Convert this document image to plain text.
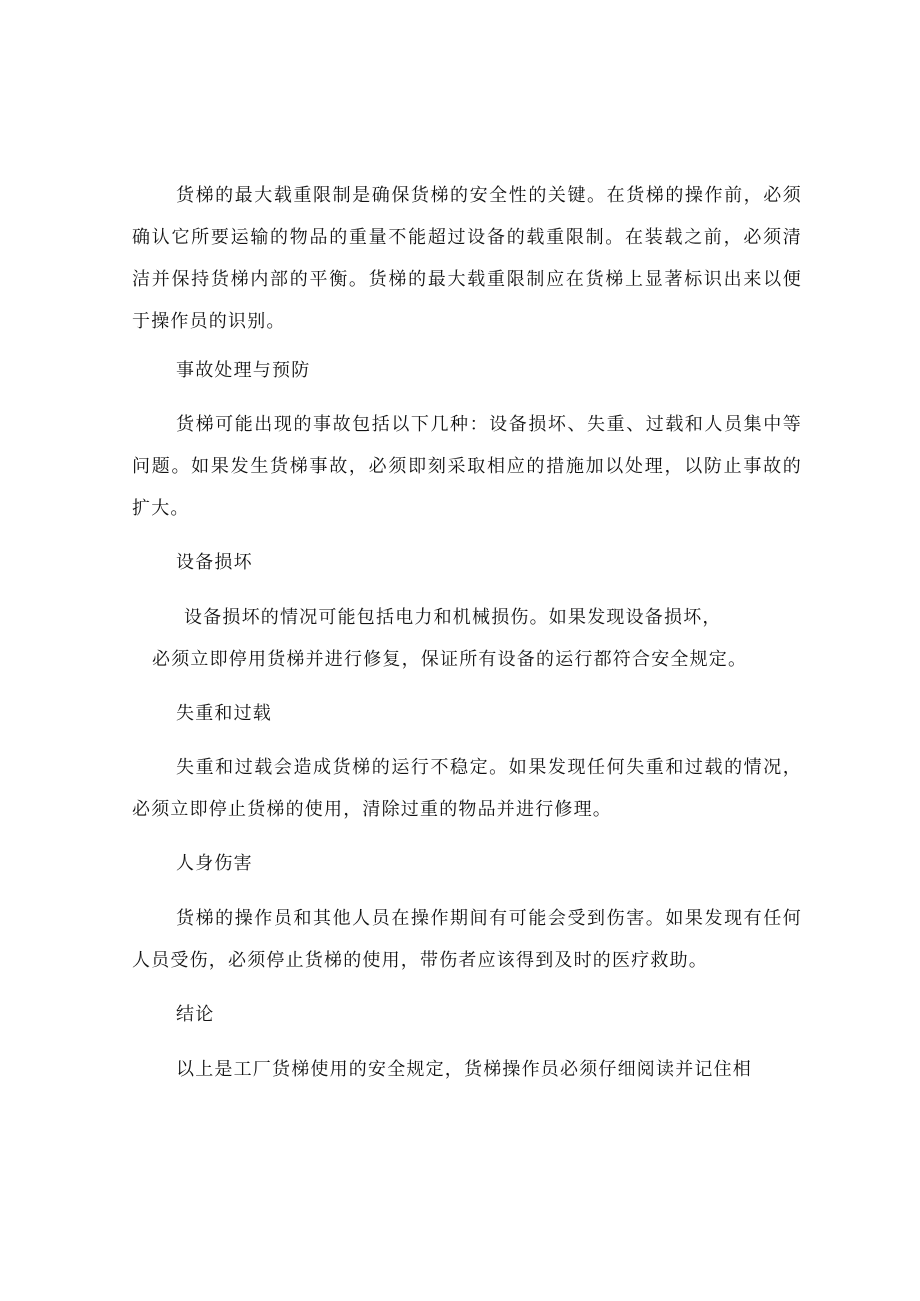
货梯的最大载重限制是确保货梯的安全性的关键。在货梯的操作前，必须确认它所要运输的物品的重量不能超过设备的载重限制。在装载之前，必须清洁并保持货梯内部的平衡。货梯的最大载重限制应在货梯上显著标识出来以便于操作员的识别。

事故处理与预防

货梯可能出现的事故包括以下几种：设备损坏、失重、过载和人员集中等问题。如果发生货梯事故，必须即刻采取相应的措施加以处理，以防止事故的扩大。

设备损坏

设备损坏的情况可能包括电力和机械损伤。如果发现设备损坏，

必须立即停用货梯并进行修复，保证所有设备的运行都符合安全规定。

失重和过载

失重和过载会造成货梯的运行不稳定。如果发现任何失重和过载的情况，必须立即停止货梯的使用，清除过重的物品并进行修理。

人身伤害

货梯的操作员和其他人员在操作期间有可能会受到伤害。如果发现有任何人员受伤，必须停止货梯的使用，带伤者应该得到及时的医疗救助。

结论

以上是工厂货梯使用的安全规定，货梯操作员必须仔细阅读并记住相
